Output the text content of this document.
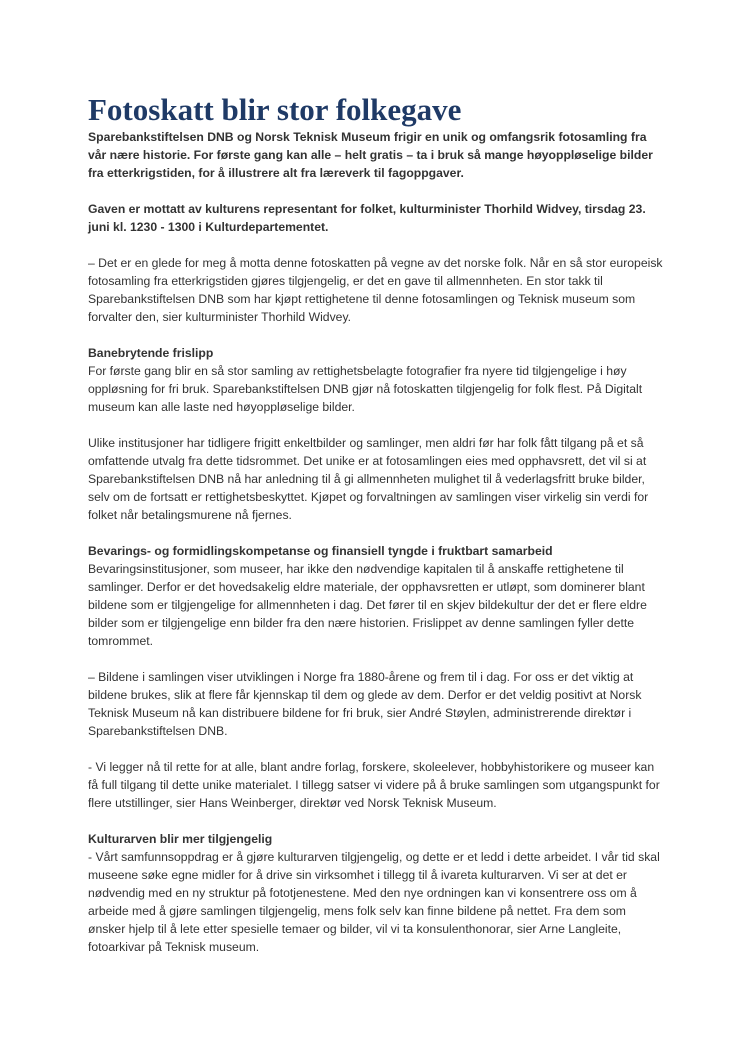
Fotoskatt blir stor folkegave

Sparebankstiftelsen DNB og Norsk Teknisk Museum frigir en unik og omfangsrik fotosamling fra vår nære historie. For første gang kan alle – helt gratis – ta i bruk så mange høyoppløselige bilder fra etterkrigstiden, for å illustrere alt fra læreverk til fagoppgaver.

Gaven er mottatt av kulturens representant for folket, kulturminister Thorhild Widvey, tirsdag 23. juni kl. 1230 - 1300 i Kulturdepartementet.

– Det er en glede for meg å motta denne fotoskatten på vegne av det norske folk. Når en så stor europeisk fotosamling fra etterkrigstiden gjøres tilgjengelig, er det en gave til allmennheten. En stor takk til Sparebankstiftelsen DNB som har kjøpt rettighetene til denne fotosamlingen og Teknisk museum som forvalter den, sier kulturminister Thorhild Widvey.

Banebrytende frislipp

For første gang blir en så stor samling av rettighetsbelagte fotografier fra nyere tid tilgjengelige i høy oppløsning for fri bruk. Sparebankstiftelsen DNB gjør nå fotoskatten tilgjengelig for folk flest. På Digitalt museum kan alle laste ned høyoppløselige bilder.

Ulike institusjoner har tidligere frigitt enkeltbilder og samlinger, men aldri før har folk fått tilgang på et så omfattende utvalg fra dette tidsrommet. Det unike er at fotosamlingen eies med opphavsrett, det vil si at Sparebankstiftelsen DNB nå har anledning til å gi allmennheten mulighet til å vederlagsfritt bruke bilder, selv om de fortsatt er rettighetsbeskyttet. Kjøpet og forvaltningen av samlingen viser virkelig sin verdi for folket når betalingsmurene nå fjernes.

Bevarings- og formidlingskompetanse og finansiell tyngde i fruktbart samarbeid

Bevaringsinstitusjoner, som museer, har ikke den nødvendige kapitalen til å anskaffe rettighetene til samlinger. Derfor er det hovedsakelig eldre materiale, der opphavsretten er utløpt, som dominerer blant bildene som er tilgjengelige for allmennheten i dag. Det fører til en skjev bildekultur der det er flere eldre bilder som er tilgjengelige enn bilder fra den nære historien. Frislippet av denne samlingen fyller dette tomrommet.

– Bildene i samlingen viser utviklingen i Norge fra 1880-årene og frem til i dag. For oss er det viktig at bildene brukes, slik at flere får kjennskap til dem og glede av dem. Derfor er det veldig positivt at Norsk Teknisk Museum nå kan distribuere bildene for fri bruk, sier André Støylen, administrerende direktør i Sparebankstiftelsen DNB.

- Vi legger nå til rette for at alle, blant andre forlag, forskere, skoleelever, hobbyhistorikere og museer kan få full tilgang til dette unike materialet. I tillegg satser vi videre på å bruke samlingen som utgangspunkt for flere utstillinger, sier Hans Weinberger, direktør ved Norsk Teknisk Museum.

Kulturarven blir mer tilgjengelig

- Vårt samfunnsoppdrag er å gjøre kulturarven tilgjengelig, og dette er et ledd i dette arbeidet. I vår tid skal museene søke egne midler for å drive sin virksomhet i tillegg til å ivareta kulturarven. Vi ser at det er nødvendig med en ny struktur på fototjenestene. Med den nye ordningen kan vi konsentrere oss om å arbeide med å gjøre samlingen tilgjengelig, mens folk selv kan finne bildene på nettet. Fra dem som ønsker hjelp til å lete etter spesielle temaer og bilder, vil vi ta konsulenthonorar, sier Arne Langleite, fotoarkivar på Teknisk museum.
